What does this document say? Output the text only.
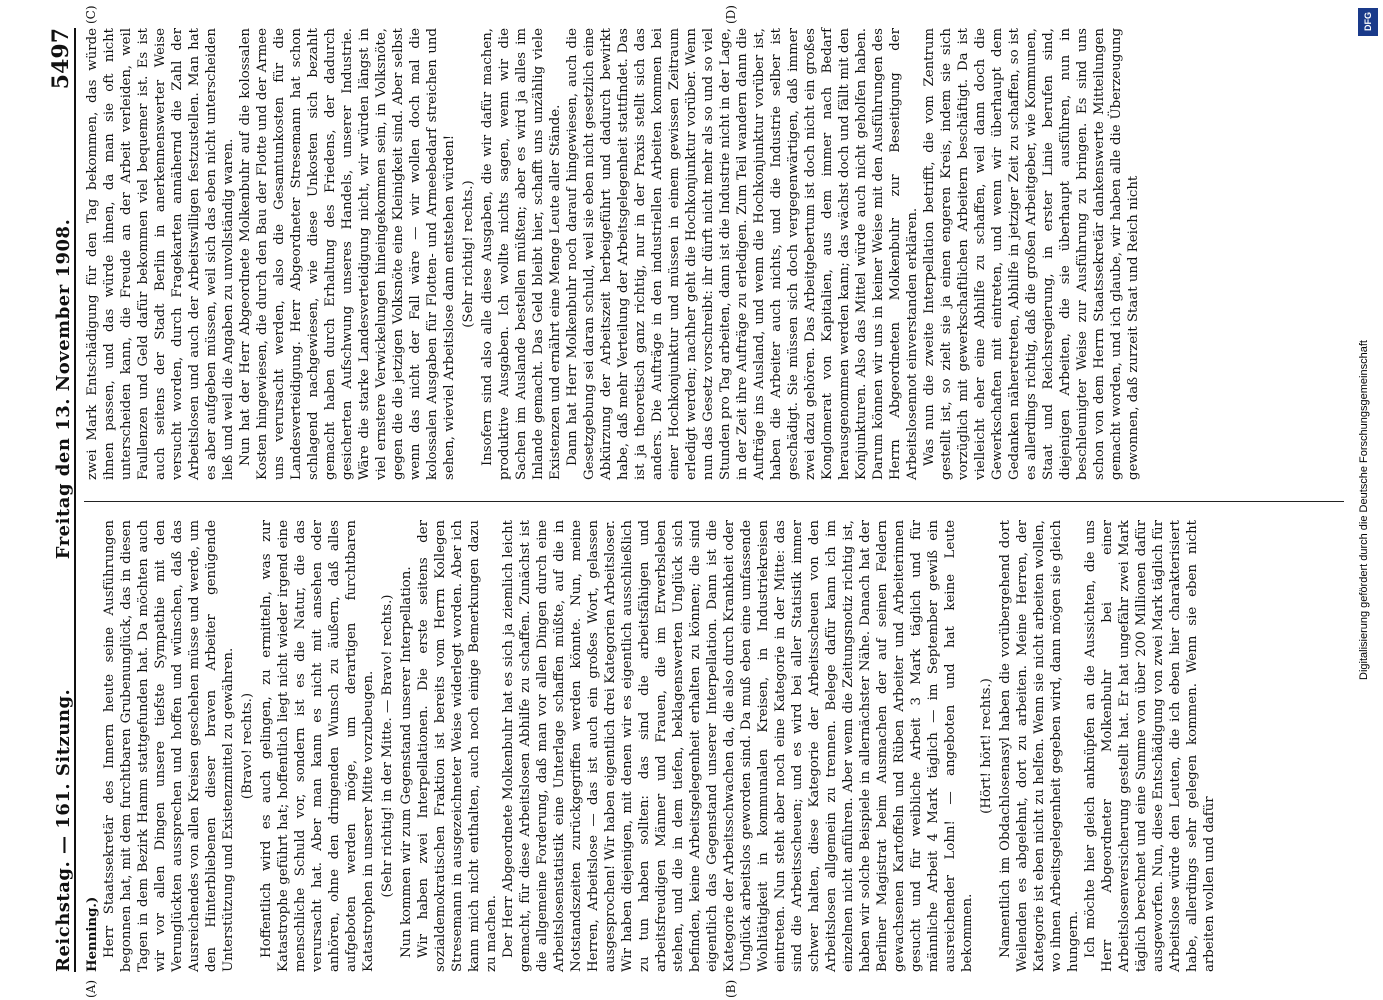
Reichstag. — 161. Sitzung.
Freitag den 13. November 1908.
5497
(A)	(B)
(C)	(D)
Henning.) Herr Staatssekretär des Innern heute seine Ausführungen begonnen hat, mit dem furchtbaren Grubenunglück, das in diesen Tagen in dem Bezirk Hamm stattgefunden hat. Da möchten auch wir vor allen Dingen unsere tiefste Sympathie mit den Verunglückten aussprechen und hoffen und wünschen, daß das Ausreichendes von allen Kreisen geschehen müsse und werde, um den Hinterbliebenen dieser braven Arbeiter genügende Unterstützung und Existenzmittel zu gewähren. (Bravo! rechts.) Hoffentlich wird es auch gelingen, zu ermitteln, was zur Katastrophe geführt hat; hoffentlich liegt nicht wieder irgend eine menschliche Schuld vor, sondern ist es die Natur, die das verursacht hat. Aber man kann es nicht mit ansehen oder anhören, ohne den dringenden Wunsch zu äußern, daß alles aufgeboten werden möge, um derartigen furchtbaren Katastrophen in unserer Mitte vorzubeugen. (Sehr richtig! in der Mitte. — Bravo! rechts.) Nun kommen wir zum Gegenstand unserer Interpellation. Wir haben zwei Interpellationen. Die erste seitens der sozialdemokratischen Fraktion ist bereits vom Herrn Kollegen Stresemann in ausgezeichneter Weise widerlegt worden. Aber ich kann mich nicht enthalten, auch noch einige Bemerkungen dazu zu machen. Der Herr Abgeordnete Molkenbuhr hat es sich ja ziemlich leicht gemacht, für diese Arbeitslosen Abhilfe zu schaffen. Zunächst ist die allgemeine Forderung, daß man vor allen Dingen durch eine Arbeitslosenstatistik eine Unterlage schaffen müßte, auf die in Notstandszeiten zurückgegriffen werden könnte. Nun, meine Herren, Arbeitslose — das ist auch ein großes Wort, gelassen ausgesprochen! Wir haben eigentlich drei Kategorien Arbeitsloser. Wir haben diejenigen, mit denen wir es eigentlich ausschließlich zu tun haben sollten: das sind die arbeitsfähigen und arbeitsfreudigen Männer und Frauen, die im Erwerbsleben stehen, und die in dem tiefen, beklagenswerten Unglück sich befinden, keine Arbeitsgelegenheit erhalten zu können; die sind eigentlich das Gegenstand unserer Interpellation. Dann ist die Kategorie der Arbeitsschwachen da, die also durch Krankheit oder Unglück arbeitslos geworden sind. Da muß eben eine umfassende Wohltätigkeit in kommunalen Kreisen, in Industriekreisen eintreten. Nun steht aber noch eine Kategorie in der Mitte: das sind die Arbeitsscheuen; und es wird bei aller Statistik immer schwer halten, diese Kategorie der Arbeitsscheuen von den Arbeitslosen allgemein zu trennen. Belege dafür kann ich im einzelnen nicht anführen. Aber wenn die Zeitungsnotiz richtig ist, haben wir solche Beispiele in allernächster Nähe. Danach hat der Berliner Magistrat beim Ausmachen der auf seinen Feldern gewachsenen Kartoffeln und Rüben Arbeiter und Arbeiterinnen gesucht und für weibliche Arbeit 3 Mark täglich und für männliche Arbeit 4 Mark täglich — im September gewiß ein ausreichender Lohn! — angeboten und hat keine Leute bekommen.

(Hört! hört! rechts.) Namentlich im Obdachlosenasyl haben die vorübergehend dort Weilenden es abgelehnt, dort zu arbeiten. Meine Herren, der Kategorie ist eben nicht zu helfen. Wenn sie nicht arbeiten wollen, wo ihnen Arbeitsgelegenheit gegeben wird, dann mögen sie gleich hungern. Ich möchte hier gleich anknüpfen an die Aussichten, die uns Herr Abgeordneter Molkenbuhr bei einer Arbeitslosenversicherung gestellt hat. Er hat ungefähr zwei Mark täglich berechnet und eine Summe von über 200 Millionen dafür ausgeworfen. Nun, diese Entschädigung von zwei Mark täglich für Arbeitslose würde den Leuten, die ich eben hier charakterisiert habe, allerdings sehr gelegen kommen. Wenn sie eben nicht arbeiten wollen und dafür

zwei Mark Entschädigung für den Tag bekommen, das würde ihnen passen, und das würde ihnen, da man sie oft nicht unterscheiden kann, die Freude an der Arbeit verleiden, weil Faullenzen und Geld dafür bekommen viel bequemer ist. Es ist auch seitens der Stadt Berlin in anerkennenswerter Weise versucht worden, durch Fragekarten annähernd die Zahl der Arbeitslosen und auch der Arbeitswilligen festzustellen. Man hat es aber aufgeben müssen, weil sich das eben nicht unterscheiden ließ und weil die Angaben zu unvollständig waren. Nun hat der Herr Abgeordnete Molkenbuhr auf die kolossalen Kosten hingewiesen, die durch den Bau der Flotte und der Armee uns verursacht werden, also die Gesamtunkosten für die Landesverteidigung. Herr Abgeordneter Stresemann hat schon schlagend nachgewiesen, wie diese Unkosten sich bezahlt gemacht haben durch Erhaltung des Friedens, der dadurch gesicherten Aufschwung unseres Handels, unserer Industrie. Wäre die starke Landesverteidigung nicht, wir würden längst in viel ernstere Verwickelungen hineingekommen sein, in Volksnöte, gegen die die jetzigen Volksnöte eine Kleinigkeit sind. Aber selbst wenn das nicht der Fall wäre — wir wollen doch mal die kolossalen Ausgaben für Flotten- und Armeebedarf streichen und sehen, wieviel Arbeitslose dann entstehen würden! (Sehr richtig! rechts.) Insofern sind also alle diese Ausgaben, die wir dafür machen, produktive Ausgaben. Ich wollte nichts sagen, wenn wir die Sachen im Auslande bestellen müßten; aber es wird ja alles im Inlande gemacht. Das Geld bleibt hier, schafft uns unzählig viele Existenzen und ernährt eine Menge Leute aller Stände. Dann hat Herr Molkenbuhr noch darauf hingewiesen, auch die Gesetzgebung sei daran schuld, weil sie eben nicht gesetzlich eine Abkürzung der Arbeitszeit herbeigeführt und dadurch bewirkt habe, daß mehr Verteilung der Arbeitsgelegenheit stattfindet. Das ist ja theoretisch ganz richtig, nur in der Praxis stellt sich das anders. Die Aufträge in den industriellen Arbeiten kommen bei einer Hochkonjunktur und müssen in einem gewissen Zeitraum erledigt werden; nachher geht die Hochkonjunktur vorüber. Wenn nun das Gesetz vorschreibt: ihr dürft nicht mehr als so und so viel Stunden pro Tag arbeiten, dann ist die Industrie nicht in der Lage, in der Zeit ihre Aufträge zu erledigen. Zum Teil wandern dann die Aufträge ins Ausland, und wenn die Hochkonjunktur vorüber ist, haben die Arbeiter auch nichts, und die Industrie selber ist geschädigt. Sie müssen sich doch vergegenwärtigen, daß immer zwei dazu gehören. Das Arbeitgebertum ist doch nicht ein großes Konglomerat von Kapitalien, aus dem immer nach Bedarf herausgenommen werden kann; das wächst doch und fällt mit den Konjunkturen. Also das Mittel würde auch nicht geholfen haben. Darum können wir uns in keiner Weise mit den Ausführungen des Herrn Abgeordneten Molkenbuhr zur Beseitigung der Arbeitslosennot einverstanden erklären. Was nun die zweite Interpellation betrifft, die vom Zentrum gestellt ist, so zielt sie ja einen engeren Kreis, indem sie sich vorzüglich mit gewerkschaftlichen Arbeitern beschäftigt. Da ist vielleicht eher eine Abhilfe zu schaffen, weil dann doch die Gewerkschaften mit eintreten, und wenn wir überhaupt dem Gedanken näheretreten, Abhilfe in jetziger Zeit zu schaffen, so ist es allerdings richtig, daß die großen Arbeitgeber, wie Kommunen, Staat und Reichsregierung, in erster Linie berufen sind, diejenigen Arbeiten, die sie überhaupt ausführen, nun in beschleunigter Weise zur Ausführung zu bringen. Es sind uns schon von dem Herrn Staatssekretär dankenswerte Mitteilungen gemacht worden, und ich glaube, wir haben alle die Überzeugung gewonnen, daß zurzeit Staat und Reich nicht

DFG
Digitalisierung gefördert durch die Deutsche Forschungsgemeinschaft
